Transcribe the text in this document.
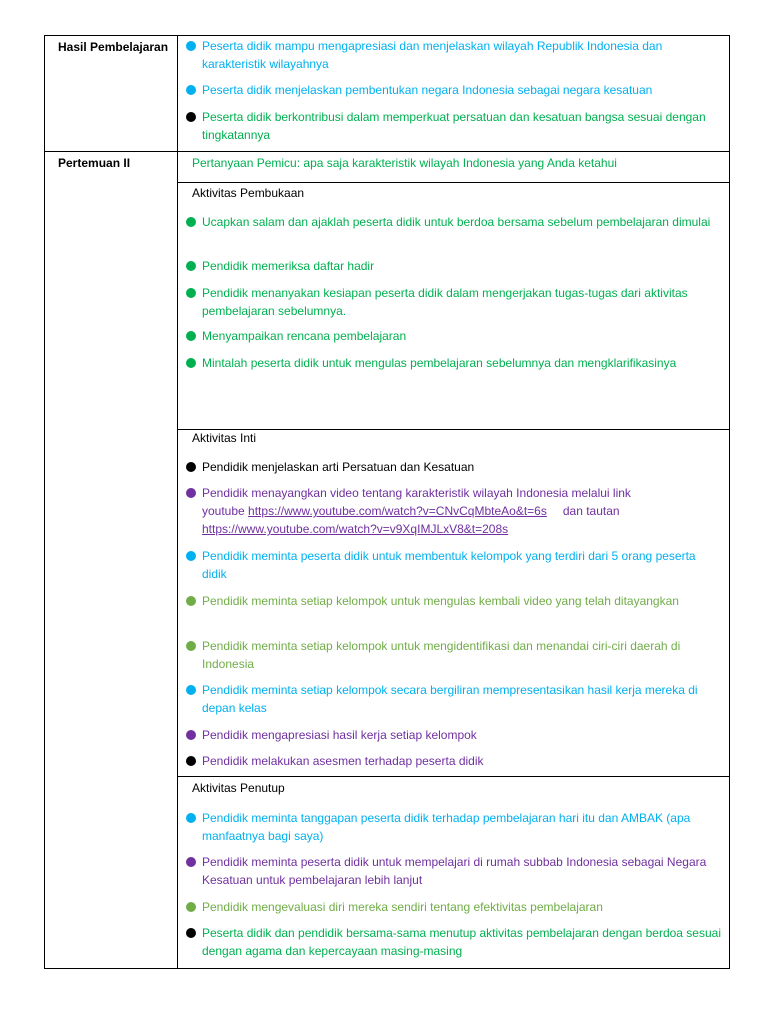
Hasil Pembelajaran	Peserta didik mampu mengapresiasi dan menjelaskan wilayah Republik Indonesia dan karakteristik wilayahnya
Peserta didik menjelaskan pembentukan negara Indonesia sebagai negara kesatuan
Peserta didik berkontribusi dalam memperkuat persatuan dan kesatuan bangsa sesuai dengan tingkatannya
Pertemuan II	Pertanyaan Pemicu: apa saja karakteristik wilayah Indonesia yang Anda ketahui
Aktivitas Pembukaan
Ucapkan salam dan ajaklah peserta didik untuk berdoa bersama sebelum pembelajaran dimulai
Pendidik memeriksa daftar hadir
Pendidik menanyakan kesiapan peserta didik dalam mengerjakan tugas-tugas dari aktivitas pembelajaran sebelumnya.
Menyampaikan rencana pembelajaran
Mintalah peserta didik untuk mengulas pembelajaran sebelumnya dan mengklarifikasinya
Aktivitas Inti
Pendidik menjelaskan arti Persatuan dan Kesatuan
Pendidik menayangkan video tentang karakteristik wilayah Indonesia melalui link
youtube https://www.youtube.com/watch?v=CNvCqMbteAo&t=6s dan tautan
https://www.youtube.com/watch?v=v9XqIMJLxV8&t=208s
Pendidik meminta peserta didik untuk membentuk kelompok yang terdiri dari 5 orang peserta didik
Pendidik meminta setiap kelompok untuk mengulas kembali video yang telah ditayangkan
Pendidik meminta setiap kelompok untuk mengidentifikasi dan menandai ciri-ciri daerah di Indonesia
Pendidik meminta setiap kelompok secara bergiliran mempresentasikan hasil kerja mereka di depan kelas
Pendidik mengapresiasi hasil kerja setiap kelompok
Pendidik melakukan asesmen terhadap peserta didik
Aktivitas Penutup
Pendidik meminta tanggapan peserta didik terhadap pembelajaran hari itu dan AMBAK (apa manfaatnya bagi saya)
Pendidik meminta peserta didik untuk mempelajari di rumah subbab Indonesia sebagai Negara Kesatuan untuk pembelajaran lebih lanjut
Pendidik mengevaluasi diri mereka sendiri tentang efektivitas pembelajaran
Peserta didik dan pendidik bersama-sama menutup aktivitas pembelajaran dengan berdoa sesuai dengan agama dan kepercayaan masing-masing
